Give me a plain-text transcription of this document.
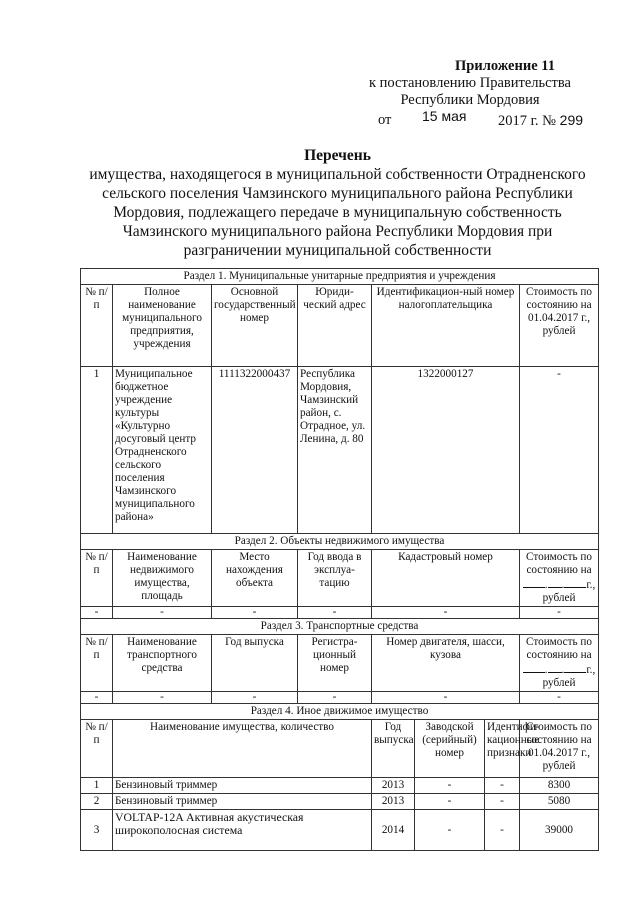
Приложение 11
к постановлению Правительства
Республики Мордовия
от 15 мая 2017 г. № 299
Перечень
имущества, находящегося в муниципальной собственности Отрадненского
сельского поселения Чамзинского муниципального района Республики
Мордовия, подлежащего передаче в муниципальную собственность
Чамзинского муниципального района Республики Мордовия при
разграничении муниципальной собственности
Раздел 1. Муниципальные унитарные предприятия и учреждения							
№ п/п	Полное наименование муниципального предприятия, учреждения	Основной государственный номер	Юриди-ческий адрес	Идентификацион-ный номер налогоплательщика			Стоимость по состоянию на 01.04.2017 г., рублей
1	Муниципальное бюджетное учреждение культуры «Культурно досуговый центр Отрадненского сельского поселения Чамзинского муниципального района»	1111322000437	Республика Мордовия, Чамзинский район, с. Отрадное, ул. Ленина, д. 80	1322000127			-
Раздел 2. Объекты недвижимого имущества							
№ п/п	Наименование недвижимого имущества, площадь	Место нахождения объекта	Год ввода в эксплуа-тацию	Кадастровый номер			Стоимость по состоянию на
. . г.,
рублей
-	-	-	-	-			-
Раздел 3. Транспортные средства							
№ п/п	Наименование транспортного средства	Год выпуска	Регистра-ционный номер	Номер двигателя, шасси, кузова			Стоимость по состоянию на
. . г.,
рублей
-	-	-	-	-			-
Раздел 4. Иное движимое имущество							
№ п/п	Наименование имущества, количество			Год выпуска	Заводской (серийный) номер	Идентифи-кационные признаки	Стоимость по состоянию на 01.04.2017 г., рублей
1	Бензиновый триммер			2013	-	-	8300
2	Бензиновый триммер			2013	-	-	5080
3	VOLTAP-12A Активная акустическая широкополосная система			2014	-	-	39000
